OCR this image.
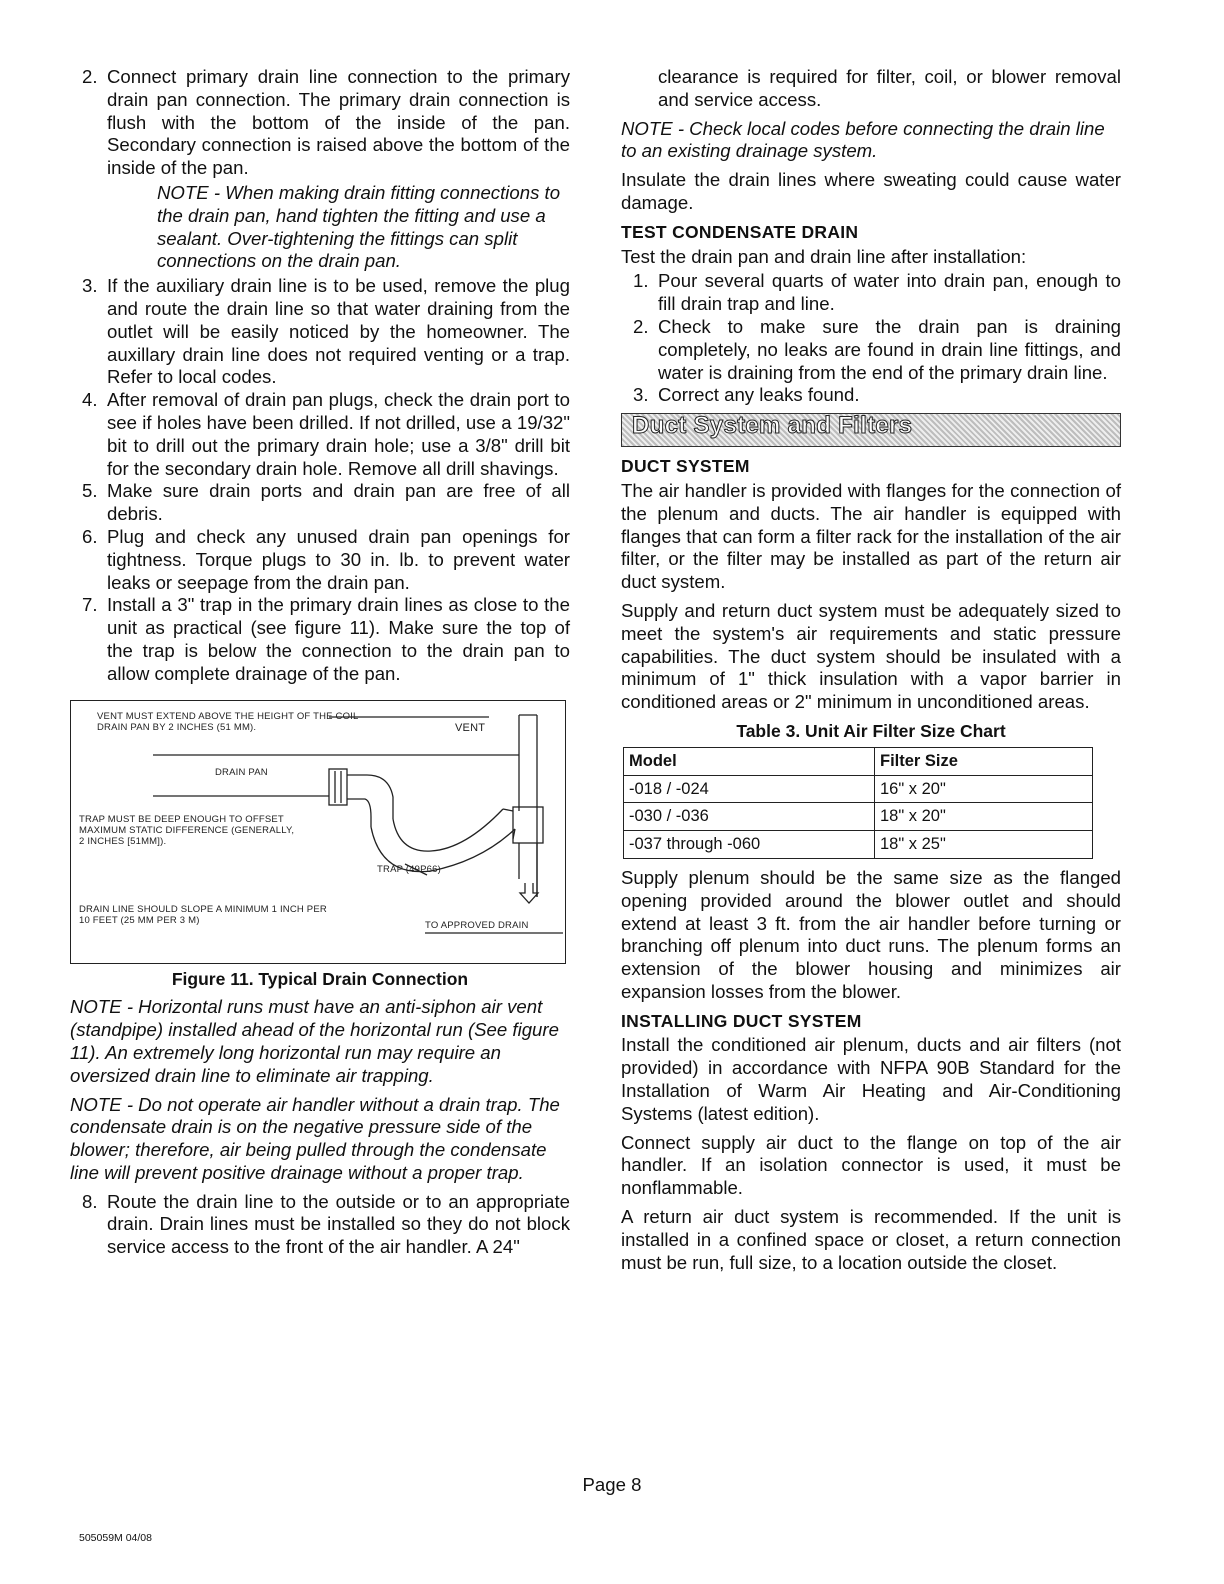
2. Connect primary drain line connection to the primary drain pan connection. The primary drain connection is flush with the bottom of the inside of the pan. Secondary connection is raised above the bottom of the inside of the pan.
NOTE - When making drain fitting connections to the drain pan, hand tighten the fitting and use a sealant. Over-tightening the fittings can split connections on the drain pan.
3. If the auxiliary drain line is to be used, remove the plug and route the drain line so that water draining from the outlet will be easily noticed by the homeowner. The auxillary drain line does not required venting or a trap. Refer to local codes.
4. After removal of drain pan plugs, check the drain port to see if holes have been drilled. If not drilled, use a 19/32" bit to drill out the primary drain hole; use a 3/8" drill bit for the secondary drain hole. Remove all drill shavings.
5. Make sure drain ports and drain pan are free of all debris.
6. Plug and check any unused drain pan openings for tightness. Torque plugs to 30 in. lb. to prevent water leaks or seepage from the drain pan.
7. Install a 3" trap in the primary drain lines as close to the unit as practical (see figure 11). Make sure the top of the trap is below the connection to the drain pan to allow complete drainage of the pan.
VENT MUST EXTEND ABOVE THE HEIGHT OF THE COIL
DRAIN PAN BY 2 INCHES (51 MM).	VENT
DRAIN PAN
TRAP MUST BE DEEP ENOUGH TO OFFSET
MAXIMUM STATIC DIFFERENCE (GENERALLY,
2 INCHES [51MM]).
TRAP (49P66)
DRAIN LINE SHOULD SLOPE A MINIMUM 1 INCH PER
10 FEET (25 MM PER 3 M)	TO APPROVED DRAIN
Figure 11. Typical Drain Connection

NOTE - Horizontal runs must have an anti-siphon air vent (standpipe) installed ahead of the horizontal run (See figure 11). An extremely long horizontal run may require an oversized drain line to eliminate air trapping.

NOTE - Do not operate air handler without a drain trap. The condensate drain is on the negative pressure side of the blower; therefore, air being pulled through the condensate line will prevent positive drainage without a proper trap.

8. Route the drain line to the outside or to an appropriate drain. Drain lines must be installed so they do not block service access to the front of the air handler. A 24"
clearance is required for filter, coil, or blower removal and service access.

NOTE - Check local codes before connecting the drain line to an existing drainage system.

Insulate the drain lines where sweating could cause water damage.

TEST CONDENSATE DRAIN

Test the drain pan and drain line after installation:

1. Pour several quarts of water into drain pan, enough to fill drain trap and line.
2. Check to make sure the drain pan is draining completely, no leaks are found in drain line fittings, and water is draining from the end of the primary drain line.
3. Correct any leaks found.
Duct System and Filters
DUCT SYSTEM

The air handler is provided with flanges for the connection of the plenum and ducts. The air handler is equipped with flanges that can form a filter rack for the installation of the air filter, or the filter may be installed as part of the return air duct system.

Supply and return duct system must be adequately sized to meet the system's air requirements and static pressure capabilities. The duct system should be insulated with a minimum of 1" thick insulation with a vapor barrier in conditioned areas or 2" minimum in unconditioned areas.

Table 3. Unit Air Filter Size Chart
Model	Filter Size
-018 / -024	16" x 20"
-030 / -036	18" x 20"
-037 through -060	18" x 25"

Supply plenum should be the same size as the flanged opening provided around the blower outlet and should extend at least 3 ft. from the air handler before turning or branching off plenum into duct runs. The plenum forms an extension of the blower housing and minimizes air expansion losses from the blower.

INSTALLING DUCT SYSTEM

Install the conditioned air plenum, ducts and air filters (not provided) in accordance with NFPA 90B Standard for the Installation of Warm Air Heating and Air-Conditioning Systems (latest edition).

Connect supply air duct to the flange on top of the air handler. If an isolation connector is used, it must be nonflammable.

A return air duct system is recommended. If the unit is installed in a confined space or closet, a return connection must be run, full size, to a location outside the closet.

Page 8
505059M 04/08
